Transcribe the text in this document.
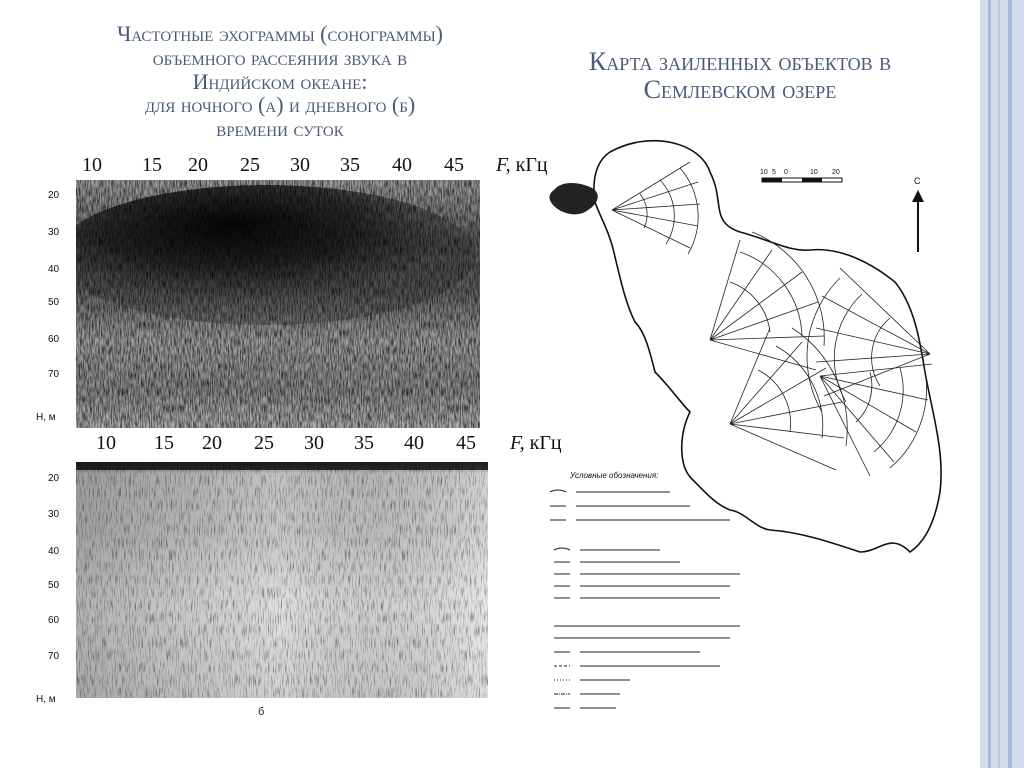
Частотные эхограммы (сонограммы)
объемного рассеяния звука в
Индийском океане:
для ночного (а) и дневного (б)
времени суток
Карта заиленных объектов в
Семлевском озере
10 15 20 25 30 35 40 45 F, кГц
20
30
40
50
60
70
Н, м
10 15 20 25 30 35 40 45 F, кГц
20
30
40
50
60
70
Н, м
б
10 5 0	10 20
С
Условные обозначения:
